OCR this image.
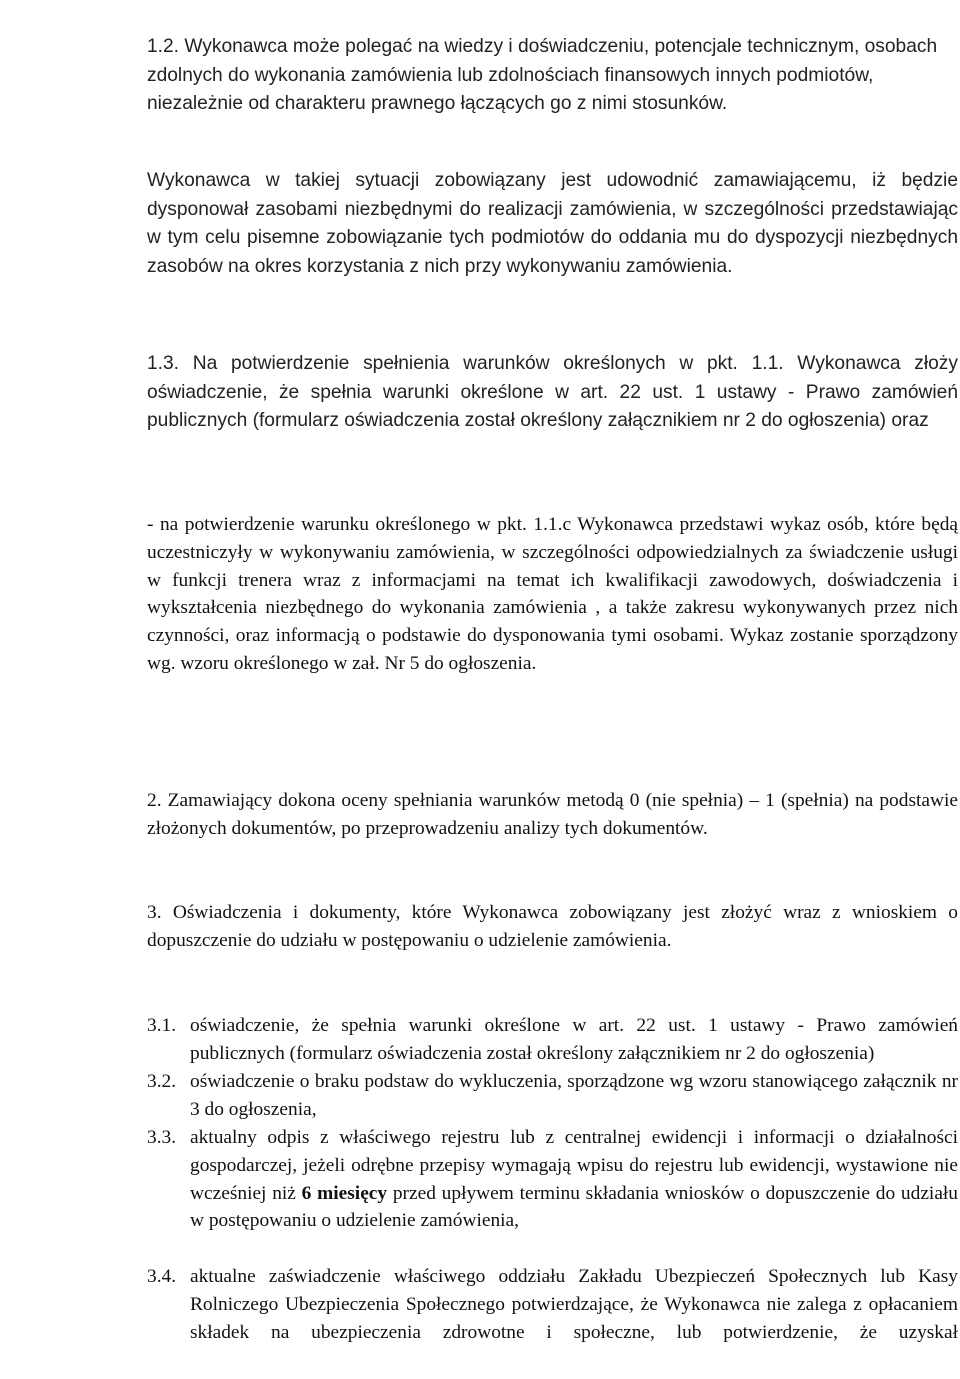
1.2. Wykonawca może polegać na wiedzy i doświadczeniu, potencjale technicznym, osobach zdolnych do wykonania zamówienia lub zdolnościach finansowych innych podmiotów, niezależnie od charakteru prawnego łączących go z nimi stosunków.

Wykonawca w takiej sytuacji zobowiązany jest udowodnić zamawiającemu, iż będzie dysponował zasobami niezbędnymi do realizacji zamówienia, w szczególności przedstawiając w tym celu pisemne zobowiązanie tych podmiotów do oddania mu do dyspozycji niezbędnych zasobów na okres korzystania z nich przy wykonywaniu zamówienia.

1.3. Na potwierdzenie spełnienia warunków określonych w pkt. 1.1. Wykonawca złoży oświadczenie, że spełnia warunki określone w art. 22 ust. 1 ustawy - Prawo zamówień publicznych (formularz oświadczenia został określony załącznikiem nr 2 do ogłoszenia) oraz

- na potwierdzenie warunku określonego w pkt. 1.1.c Wykonawca przedstawi wykaz osób, które będą uczestniczyły w wykonywaniu zamówienia, w szczególności odpowiedzialnych za świadczenie usługi w funkcji trenera wraz z informacjami na temat ich kwalifikacji zawodowych, doświadczenia i wykształcenia niezbędnego do wykonania zamówienia , a także zakresu wykonywanych przez nich czynności, oraz informacją o podstawie do dysponowania tymi osobami. Wykaz zostanie sporządzony wg. wzoru określonego w zał. Nr 5 do ogłoszenia.

2. Zamawiający dokona oceny spełniania warunków metodą 0 (nie spełnia) – 1 (spełnia) na podstawie złożonych dokumentów, po przeprowadzeniu analizy tych dokumentów.

3. Oświadczenia i dokumenty, które Wykonawca zobowiązany jest złożyć wraz z wnioskiem o dopuszczenie do udziału w postępowaniu o udzielenie zamówienia.

3.1. oświadczenie, że spełnia warunki określone w art. 22 ust. 1 ustawy - Prawo zamówień publicznych (formularz oświadczenia został określony załącznikiem nr 2 do ogłoszenia)

3.2. oświadczenie o braku podstaw do wykluczenia, sporządzone wg wzoru stanowiącego załącznik nr 3 do ogłoszenia,

3.3. aktualny odpis z właściwego rejestru lub z centralnej ewidencji i informacji o działalności gospodarczej, jeżeli odrębne przepisy wymagają wpisu do rejestru lub ewidencji, wystawione nie wcześniej niż 6 miesięcy przed upływem terminu składania wniosków o dopuszczenie do udziału w postępowaniu o udzielenie zamówienia,

3.4. aktualne zaświadczenie właściwego oddziału Zakładu Ubezpieczeń Społecznych lub Kasy Rolniczego Ubezpieczenia Społecznego potwierdzające, że Wykonawca nie zalega z opłacaniem składek na ubezpieczenia zdrowotne i społeczne, lub potwierdzenie, że uzyskał
